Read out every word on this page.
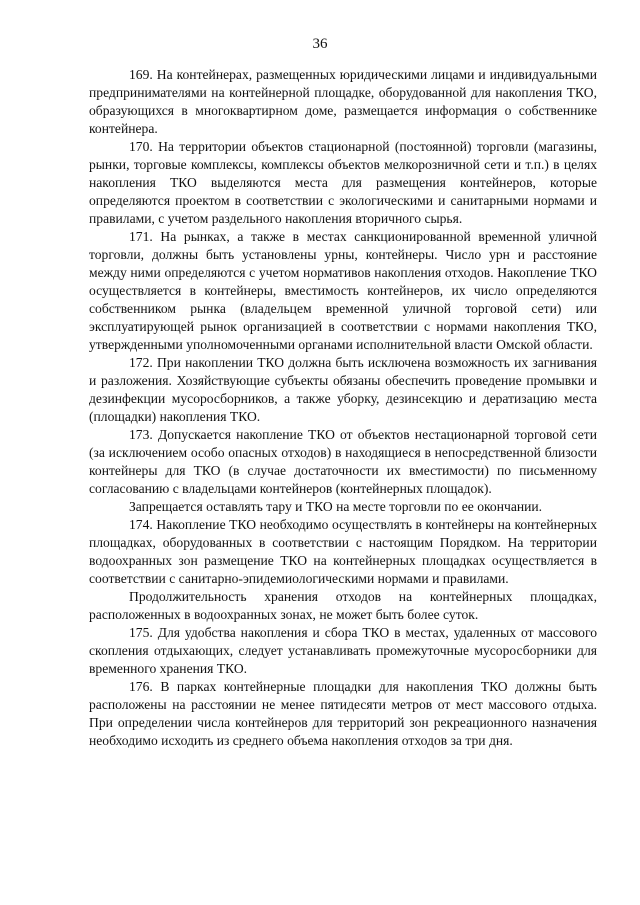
36

169. На контейнерах, размещенных юридическими лицами и индивидуальными предпринимателями на контейнерной площадке, оборудованной для накопления ТКО, образующихся в многоквартирном доме, размещается информация о собственнике контейнера.

170. На территории объектов стационарной (постоянной) торговли (магазины, рынки, торговые комплексы, комплексы объектов мелкорозничной сети и т.п.) в целях накопления ТКО выделяются места для размещения контейнеров, которые определяются проектом в соответствии с экологическими и санитарными нормами и правилами, с учетом раздельного накопления вторичного сырья.

171. На рынках, а также в местах санкционированной временной уличной торговли, должны быть установлены урны, контейнеры. Число урн и расстояние между ними определяются с учетом нормативов накопления отходов. Накопление ТКО осуществляется в контейнеры, вместимость контейнеров, их число определяются собственником рынка (владельцем временной уличной торговой сети) или эксплуатирующей рынок организацией в соответствии с нормами накопления ТКО, утвержденными уполномоченными органами исполнительной власти Омской области.

172. При накоплении ТКО должна быть исключена возможность их загнивания и разложения. Хозяйствующие субъекты обязаны обеспечить проведение промывки и дезинфекции мусоросборников, а также уборку, дезинсекцию и дератизацию места (площадки) накопления ТКО.

173. Допускается накопление ТКО от объектов нестационарной торговой сети (за исключением особо опасных отходов) в находящиеся в непосредственной близости контейнеры для ТКО (в случае достаточности их вместимости) по письменному согласованию с владельцами контейнеров (контейнерных площадок).

Запрещается оставлять тару и ТКО на месте торговли по ее окончании.

174. Накопление ТКО необходимо осуществлять в контейнеры на контейнерных площадках, оборудованных в соответствии с настоящим Порядком. На территории водоохранных зон размещение ТКО на контейнерных площадках осуществляется в соответствии с санитарно-эпидемиологическими нормами и правилами.

Продолжительность хранения отходов на контейнерных площадках, расположенных в водоохранных зонах, не может быть более суток.

175. Для удобства накопления и сбора ТКО в местах, удаленных от массового скопления отдыхающих, следует устанавливать промежуточные мусоросборники для временного хранения ТКО.

176. В парках контейнерные площадки для накопления ТКО должны быть расположены на расстоянии не менее пятидесяти метров от мест массового отдыха. При определении числа контейнеров для территорий зон рекреационного назначения необходимо исходить из среднего объема накопления отходов за три дня.
